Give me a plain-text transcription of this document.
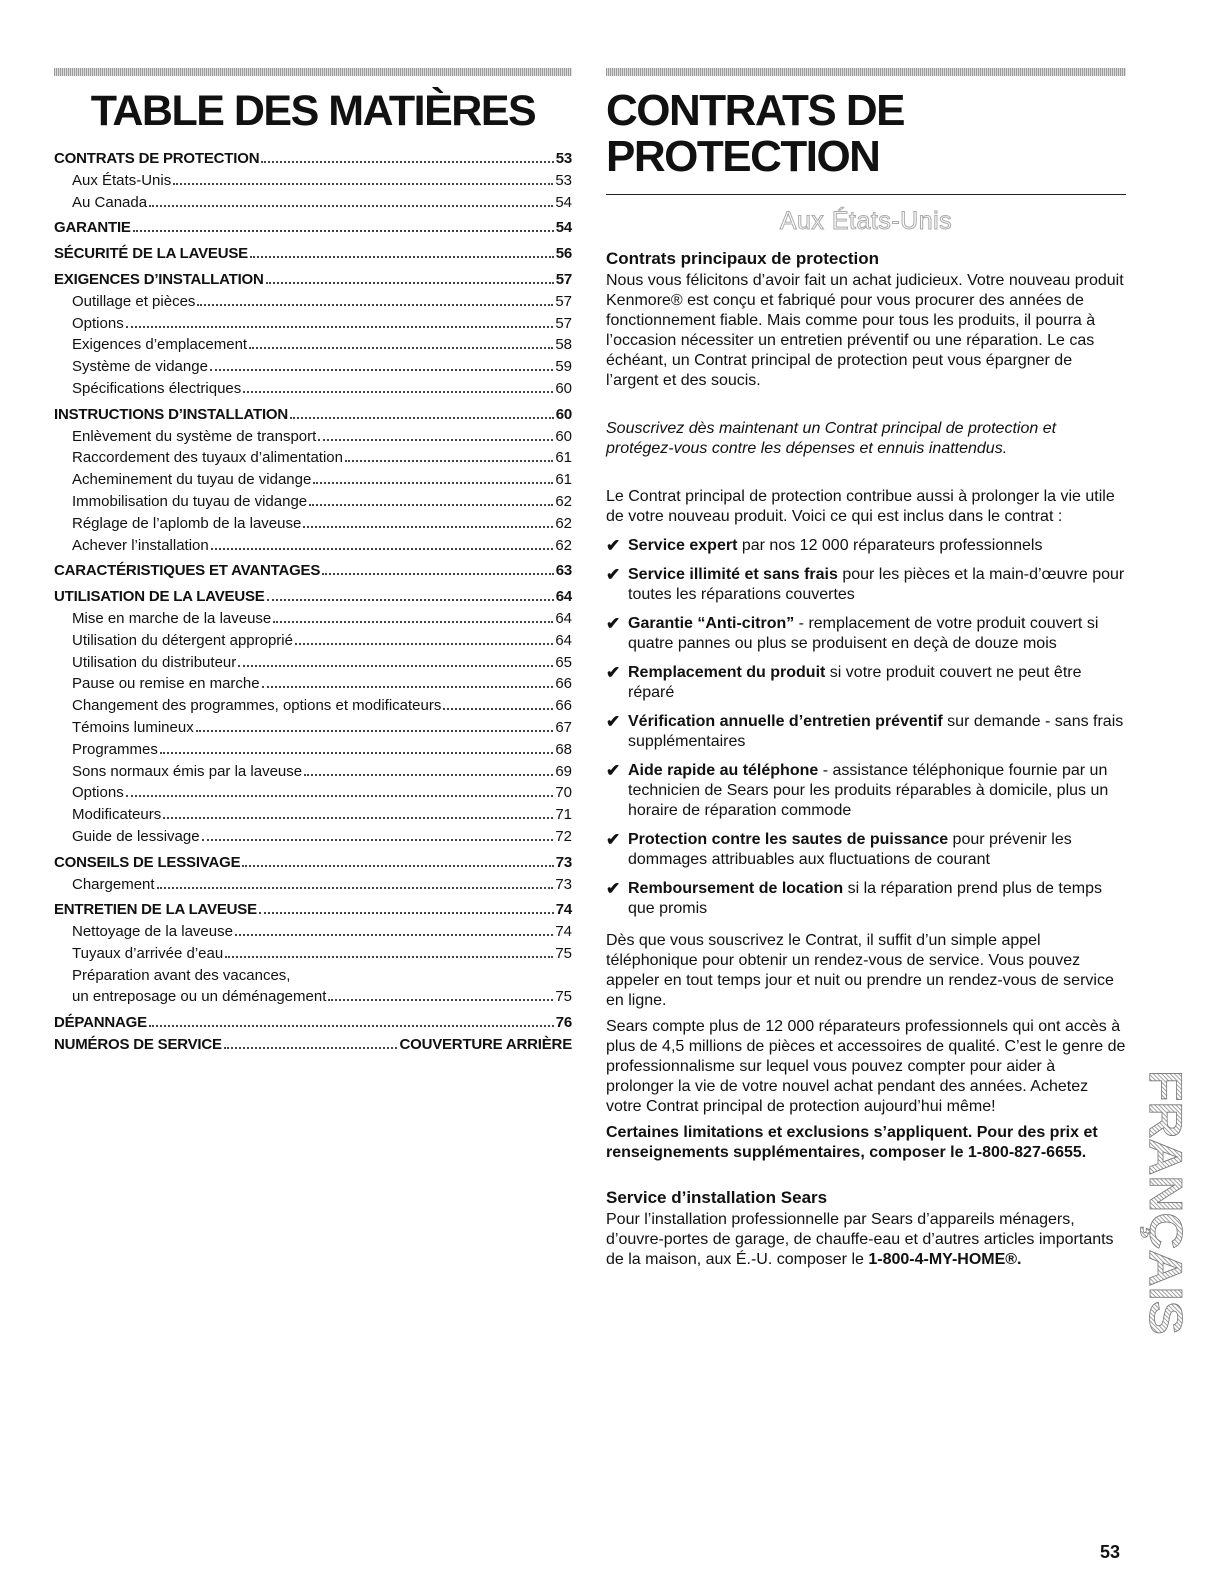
TABLE DES MATIÈRES
CONTRATS DE PROTECTION	53
Aux États-Unis	53
Au Canada	54
GARANTIE	54
SÉCURITÉ DE LA LAVEUSE	56
EXIGENCES D’INSTALLATION	57
Outillage et pièces	57
Options	57
Exigences d’emplacement	58
Système de vidange	59
Spécifications électriques	60
INSTRUCTIONS D’INSTALLATION	60
Enlèvement du système de transport	60
Raccordement des tuyaux d’alimentation	61
Acheminement du tuyau de vidange	61
Immobilisation du tuyau de vidange	62
Réglage de l’aplomb de la laveuse	62
Achever l’installation	62
CARACTÉRISTIQUES ET AVANTAGES	63
UTILISATION DE LA LAVEUSE	64
Mise en marche de la laveuse	64
Utilisation du détergent approprié	64
Utilisation du distributeur	65
Pause ou remise en marche	66
Changement des programmes, options et modificateurs	66
Témoins lumineux	67
Programmes	68
Sons normaux émis par la laveuse	69
Options	70
Modificateurs	71
Guide de lessivage	72
CONSEILS DE LESSIVAGE	73
Chargement	73
ENTRETIEN DE LA LAVEUSE	74
Nettoyage de la laveuse	74
Tuyaux d’arrivée d’eau	75
Préparation avant des vacances,
un entreposage ou un déménagement	75
DÉPANNAGE	76
NUMÉROS DE SERVICE	COUVERTURE ARRIÈRE
CONTRATS DE PROTECTION
Aux États-Unis
Contrats principaux de protection

Nous vous félicitons d’avoir fait un achat judicieux. Votre nouveau produit Kenmore® est conçu et fabriqué pour vous procurer des années de fonctionnement fiable. Mais comme pour tous les produits, il pourra à l’occasion nécessiter un entretien préventif ou une réparation. Le cas échéant, un Contrat principal de protection peut vous épargner de l’argent et des soucis.

Souscrivez dès maintenant un Contrat principal de protection et protégez-vous contre les dépenses et ennuis inattendus.

Le Contrat principal de protection contribue aussi à prolonger la vie utile de votre nouveau produit. Voici ce qui est inclus dans le contrat :

✔ Service expert par nos 12 000 réparateurs professionnels
✔ Service illimité et sans frais pour les pièces et la main-d’œuvre pour toutes les réparations couvertes
✔ Garantie “Anti-citron” - remplacement de votre produit couvert si quatre pannes ou plus se produisent en deçà de douze mois
✔ Remplacement du produit si votre produit couvert ne peut être réparé
✔ Vérification annuelle d’entretien préventif sur demande - sans frais supplémentaires
✔ Aide rapide au téléphone - assistance téléphonique fournie par un technicien de Sears pour les produits réparables à domicile, plus un horaire de réparation commode
✔ Protection contre les sautes de puissance pour prévenir les dommages attribuables aux fluctuations de courant
✔ Remboursement de location si la réparation prend plus de temps que promis

Dès que vous souscrivez le Contrat, il suffit d’un simple appel téléphonique pour obtenir un rendez-vous de service. Vous pouvez appeler en tout temps jour et nuit ou prendre un rendez-vous de service en ligne.

Sears compte plus de 12 000 réparateurs professionnels qui ont accès à plus de 4,5 millions de pièces et accessoires de qualité. C’est le genre de professionnalisme sur lequel vous pouvez compter pour aider à prolonger la vie de votre nouvel achat pendant des années. Achetez votre Contrat principal de protection aujourd’hui même!

Certaines limitations et exclusions s’appliquent. Pour des prix et renseignements supplémentaires, composer le 1-800-827-6655.

Service d’installation Sears

Pour l’installation professionnelle par Sears d’appareils ménagers, d’ouvre-portes de garage, de chauffe-eau et d’autres articles importants de la maison, aux É.-U. composer le 1-800-4-MY-HOME®.	FRANÇAIS
53
